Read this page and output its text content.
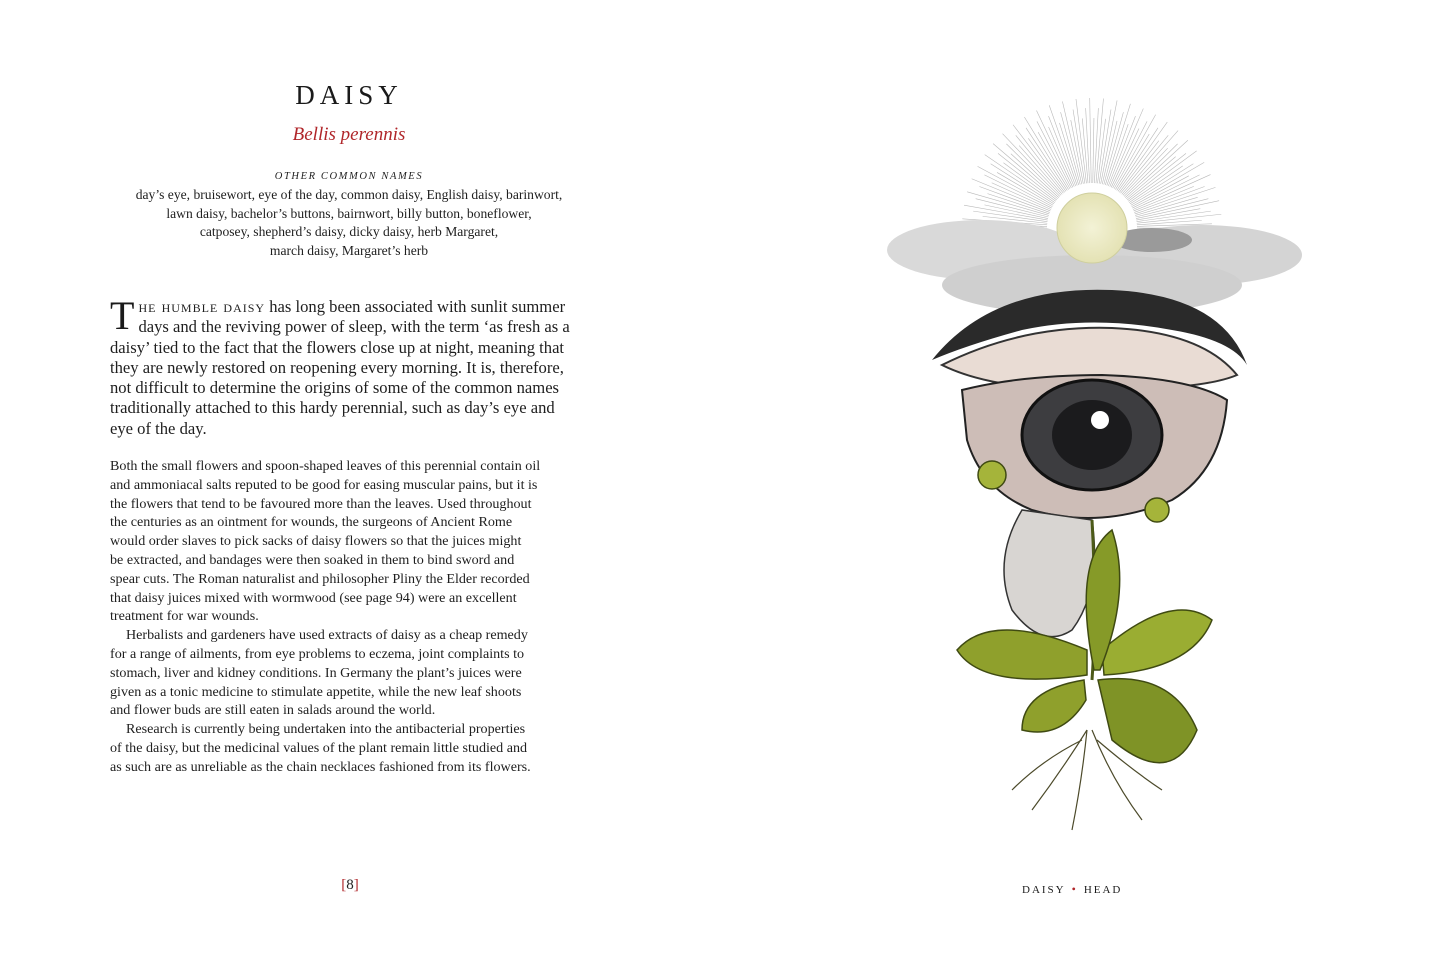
DAISY
Bellis perennis
OTHER COMMON NAMES
day’s eye, bruisewort, eye of the day, common daisy, English daisy, barinwort,
lawn daisy, bachelor’s buttons, bairnwort, billy button, boneflower,
catposey, shepherd’s daisy, dicky daisy, herb Margaret,
march daisy, Margaret’s herb
T he humble daisy has long been associated with sunlit summer
days and the reviving power of sleep, with the term ‘as fresh as a
daisy’ tied to the fact that the flowers close up at night, meaning that
they are newly restored on reopening every morning. It is, therefore,
not difficult to determine the origins of some of the common names
traditionally attached to this hardy perennial, such as day’s eye and
eye of the day.
Both the small flowers and spoon-shaped leaves of this perennial contain oil
and ammoniacal salts reputed to be good for easing muscular pains, but it is
the flowers that tend to be favoured more than the leaves. Used throughout
the centuries as an ointment for wounds, the surgeons of Ancient Rome
would order slaves to pick sacks of daisy flowers so that the juices might
be extracted, and bandages were then soaked in them to bind sword and
spear cuts. The Roman naturalist and philosopher Pliny the Elder recorded
that daisy juices mixed with wormwood (see page 94) were an excellent
treatment for war wounds.
Herbalists and gardeners have used extracts of daisy as a cheap remedy
for a range of ailments, from eye problems to eczema, joint complaints to
stomach, liver and kidney conditions. In Germany the plant’s juices were
given as a tonic medicine to stimulate appetite, while the new leaf shoots
and flower buds are still eaten in salads around the world.
Research is currently being undertaken into the antibacterial properties
of the daisy, but the medicinal values of the plant remain little studied and
as such are as unreliable as the chain necklaces fashioned from its flowers.
[8]	DAISY • HEAD
